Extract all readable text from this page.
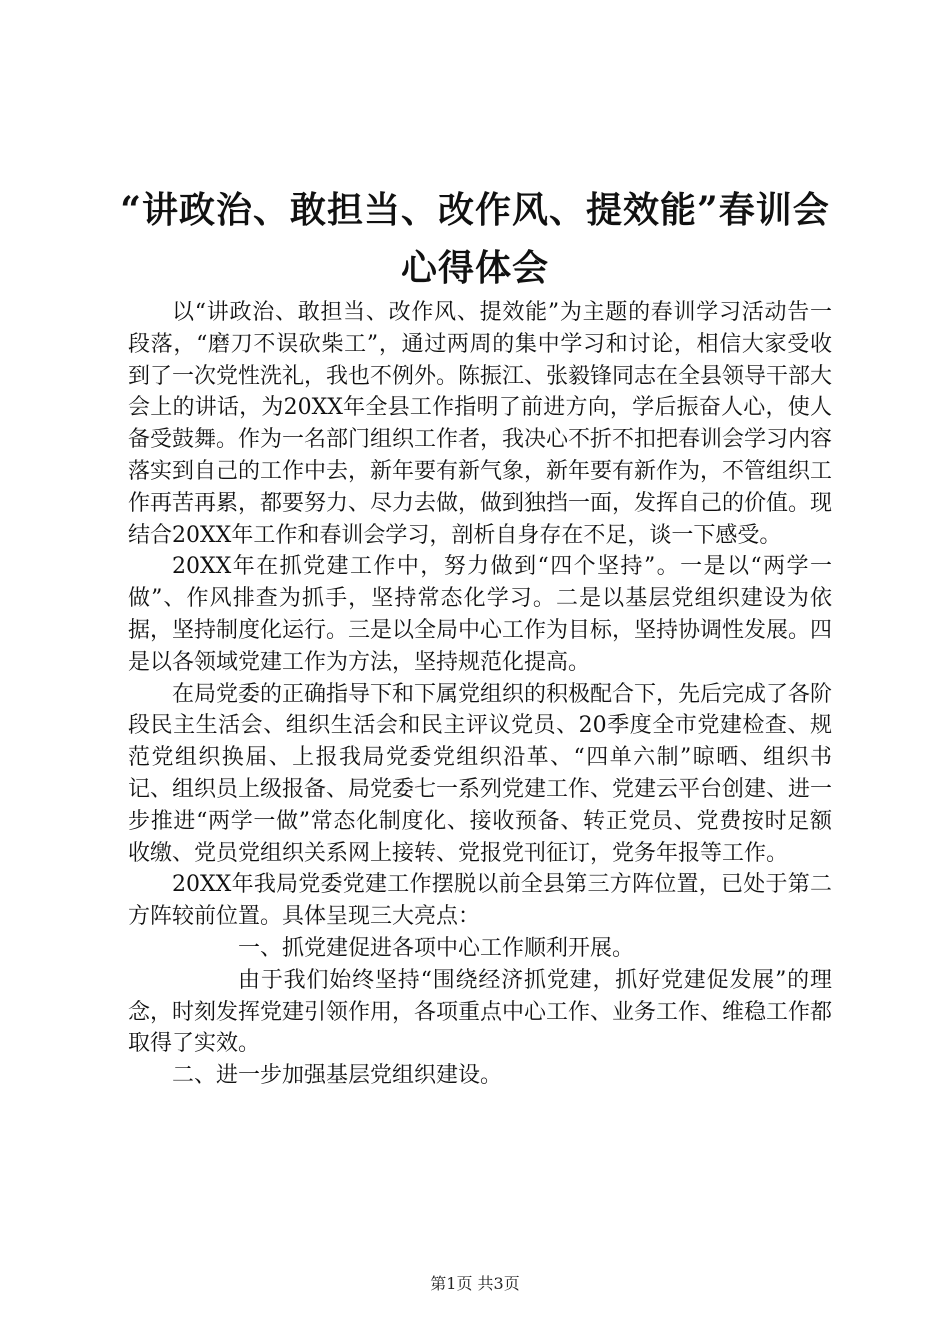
“讲政治、敢担当、改作风、提效能”春训会
心得体会

以“讲政治、敢担当、改作风、提效能”为主题的春训学习活动告一段落，“磨刀不误砍柴工”，通过两周的集中学习和讨论，相信大家受收到了一次党性洗礼，我也不例外。陈振江、张毅锋同志在全县领导干部大会上的讲话，为20XX年全县工作指明了前进方向，学后振奋人心，使人备受鼓舞。作为一名部门组织工作者，我决心不折不扣把春训会学习内容落实到自己的工作中去，新年要有新气象，新年要有新作为，不管组织工作再苦再累，都要努力、尽力去做，做到独挡一面，发挥自己的价值。现结合20XX年工作和春训会学习，剖析自身存在不足，谈一下感受。

20XX年在抓党建工作中，努力做到“四个坚持”。一是以“两学一做”、作风排查为抓手，坚持常态化学习。二是以基层党组织建设为依据，坚持制度化运行。三是以全局中心工作为目标，坚持协调性发展。四是以各领域党建工作为方法，坚持规范化提高。

在局党委的正确指导下和下属党组织的积极配合下，先后完成了各阶段民主生活会、组织生活会和民主评议党员、20季度全市党建检查、规范党组织换届、上报我局党委党组织沿革、“四单六制”晾晒、组织书记、组织员上级报备、局党委七一系列党建工作、党建云平台创建、进一步推进“两学一做”常态化制度化、接收预备、转正党员、党费按时足额收缴、党员党组织关系网上接转、党报党刊征订，党务年报等工作。

20XX年我局党委党建工作摆脱以前全县第三方阵位置，已处于第二方阵较前位置。具体呈现三大亮点：

一、抓党建促进各项中心工作顺利开展。

由于我们始终坚持“围绕经济抓党建，抓好党建促发展”的理念，时刻发挥党建引领作用，各项重点中心工作、业务工作、维稳工作都取得了实效。

二、进一步加强基层党组织建设。

第1页 共3页
